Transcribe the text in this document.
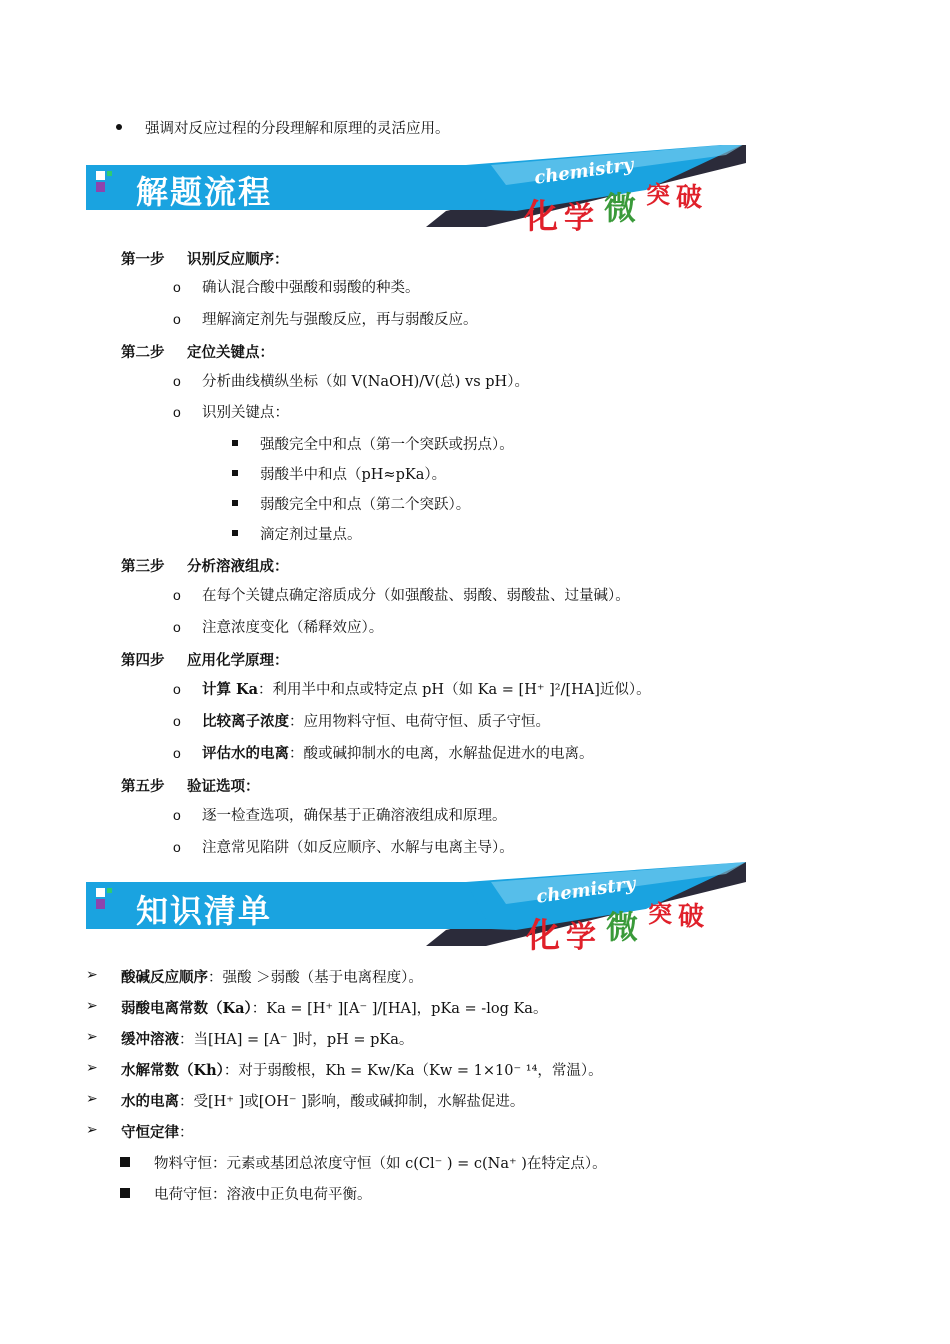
强调对反应过程的分段理解和原理的灵活应用。
解题流程
chemistry
化 学 微 突 破
第一步 识别反应顺序：
o 确认混合酸中强酸和弱酸的种类。
o 理解滴定剂先与强酸反应，再与弱酸反应。
第二步 定位关键点：
o 分析曲线横纵坐标（如 V(NaOH)/V(总) vs pH）。
o 识别关键点：
强酸完全中和点（第一个突跃或拐点）。
弱酸半中和点（pH≈pKa）。
弱酸完全中和点（第二个突跃）。
滴定剂过量点。
第三步 分析溶液组成：
o 在每个关键点确定溶质成分（如强酸盐、弱酸、弱酸盐、过量碱）。
o 注意浓度变化（稀释效应）。
第四步 应用化学原理：
o 计算 Ka：利用半中和点或特定点 pH（如 Ka = [H⁺ ]²/[HA]近似）。
o 比较离子浓度：应用物料守恒、电荷守恒、质子守恒。
o 评估水的电离：酸或碱抑制水的电离，水解盐促进水的电离。
第五步 验证选项：
o 逐一检查选项，确保基于正确溶液组成和原理。
o 注意常见陷阱（如反应顺序、水解与电离主导）。
知识清单
chemistry
化 学 微 突 破
➢ 酸碱反应顺序：强酸 ＞弱酸（基于电离程度）。
➢ 弱酸电离常数（Ka）：Ka = [H⁺ ][A⁻ ]/[HA]，pKa = -log Ka。
➢ 缓冲溶液：当[HA] = [A⁻ ]时，pH = pKa。
➢ 水解常数（Kh）：对于弱酸根，Kh = Kw/Ka（Kw = 1×10⁻ ¹⁴，常温）。
➢ 水的电离：受[H⁺ ]或[OH⁻ ]影响，酸或碱抑制，水解盐促进。
➢ 守恒定律：
物料守恒：元素或基团总浓度守恒（如 c(Cl⁻ ) = c(Na⁺ )在特定点）。
电荷守恒：溶液中正负电荷平衡。
